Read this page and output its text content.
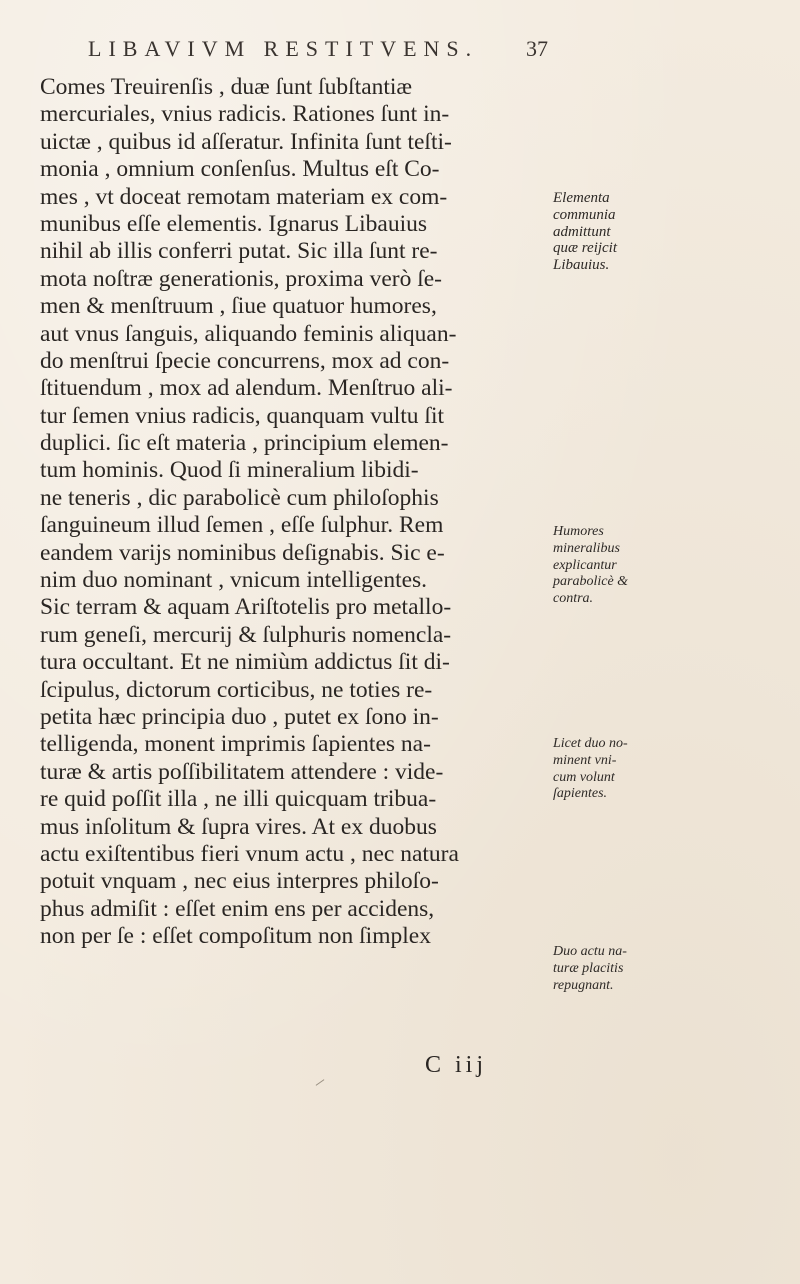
LIBAVIVM RESTITVENS. 37
Comes Treuirenſis , duæ ſunt ſubſtantiæ
mercuriales, vnius radicis. Rationes ſunt in-
uictæ , quibus id aſſeratur. Infinita ſunt teſti-
monia , omnium conſenſus. Multus eſt Co-
mes , vt doceat remotam materiam ex com-
munibus eſſe elementis. Ignarus Libauius
nihil ab illis conferri putat. Sic illa ſunt re-
mota noſtræ generationis, proxima verò ſe-
men & menſtruum , ſiue quatuor humores,
aut vnus ſanguis, aliquando feminis aliquan-
do menſtrui ſpecie concurrens, mox ad con-
ſtituendum , mox ad alendum. Menſtruo ali-
tur ſemen vnius radicis, quanquam vultu ſit
duplici. ſic eſt materia , principium elemen-
tum hominis. Quod ſi mineralium libidi-
ne teneris , dic parabolicè cum philoſophis
ſanguineum illud ſemen , eſſe ſulphur. Rem
eandem varijs nominibus deſignabis. Sic e-
nim duo nominant , vnicum intelligentes.
Sic terram & aquam Ariſtotelis pro metallo-
rum geneſi, mercurij & ſulphuris nomencla-
tura occultant. Et ne nimiùm addictus ſit di-
ſcipulus, dictorum corticibus, ne toties re-
petita hæc principia duo , putet ex ſono in-
telligenda, monent imprimis ſapientes na-
turæ & artis poſſibilitatem attendere : vide-
re quid poſſit illa , ne illi quicquam tribua-
mus inſolitum & ſupra vires. At ex duobus
actu exiſtentibus fieri vnum actu , nec natura
potuit vnquam , nec eius interpres philoſo-
phus admiſit : eſſet enim ens per accidens,
non per ſe : eſſet compoſitum non ſimplex
Elementa
communia
admittunt
quæ reijcit
Libauius.
Humores
mineralibus
explicantur
parabolicè &
contra.
Licet duo no-
minent vni-
cum volunt
ſapientes.
Duo actu na-
turæ placitis
repugnant.
C iij
